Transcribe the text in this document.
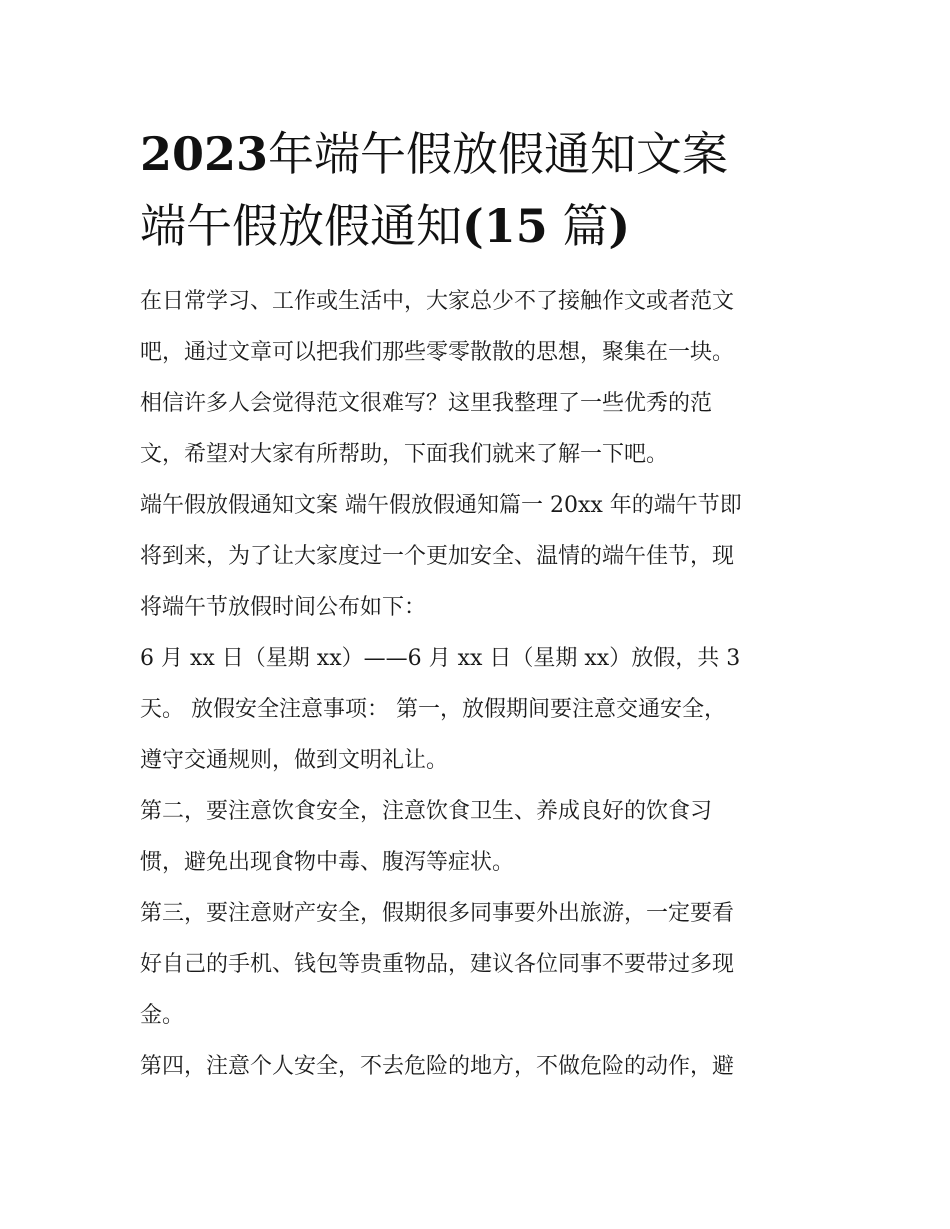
2023年端午假放假通知文案
端午假放假通知(15 篇)

在日常学习、工作或生活中，大家总少不了接触作文或者范文
吧，通过文章可以把我们那些零零散散的思想，聚集在一块。
相信许多人会觉得范文很难写？这里我整理了一些优秀的范
文，希望对大家有所帮助，下面我们就来了解一下吧。

端午假放假通知文案 端午假放假通知篇一 20xx 年的端午节即
将到来，为了让大家度过一个更加安全、温情的端午佳节，现
将端午节放假时间公布如下：

6 月 xx 日（星期 xx）——6 月 xx 日（星期 xx）放假，共 3
天。 放假安全注意事项： 第一，放假期间要注意交通安全，
遵守交通规则，做到文明礼让。

第二，要注意饮食安全，注意饮食卫生、养成良好的饮食习
惯，避免出现食物中毒、腹泻等症状。

第三，要注意财产安全，假期很多同事要外出旅游，一定要看
好自己的手机、钱包等贵重物品，建议各位同事不要带过多现
金。

第四，注意个人安全，不去危险的地方，不做危险的动作，避
